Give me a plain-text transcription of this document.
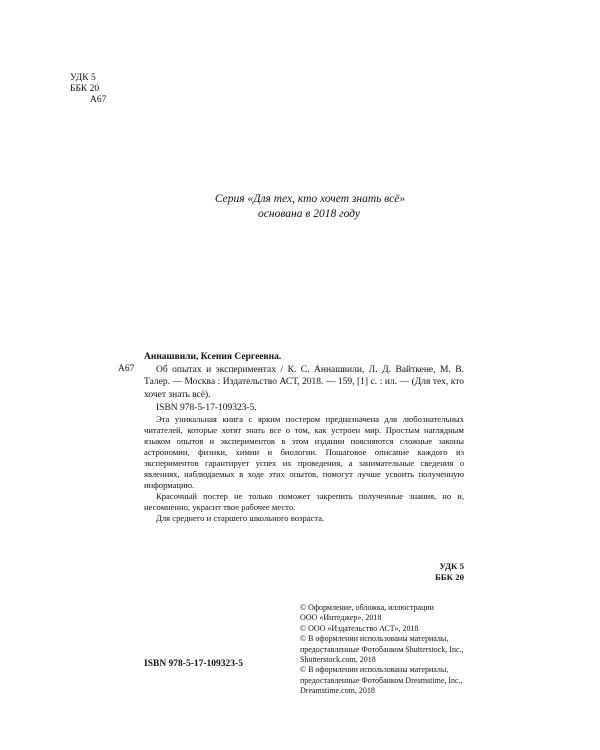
УДК 5
ББК 20
А67
Серия «Для тех, кто хочет знать всё»
основана в 2018 году
А67
Аннашвили, Ксения Сергеевна.
Об опытах и экспериментах / К. С. Аннашвили, Л. Д. Вайткене, М. В. Талер. — Москва : Издательство АСТ, 2018. — 159, [1] с. : ил. — (Для тех, кто хочет знать всё).
ISBN 978-5-17-109323-5.

Эта уникальная книга с ярким постером предназначена для любознательных читателей, которые хотят знать все о том, как устроен мир. Простым наглядным языком опытов и экспериментов в этом издании поясняются сложные законы астрономии, физики, химии и биологии. Пошаговое описание каждого из экспериментов гарантирует успех их проведения, а занимательные сведения о явлениях, наблюдаемых в ходе этих опытов, помогут лучше усвоить полученную информацию.

Красочный постер не только поможет закрепить полученные знания, но и, несомненно, украсит твое рабочее место.

Для среднего и старшего школьного возраста.

УДК 5
ББК 20
© Оформление, обложка, иллюстрации
ООО «Интеджер», 2018
© ООО «Издательство АСТ», 2018
© В оформлении использованы материалы,
предоставленные Фотобанком Shutterstock, Inc.,
Shutterstock.com, 2018
© В оформлении использованы материалы,
предоставленные Фотобанком Dreamstime, Inc.,
Dreamstime.com, 2018
ISBN 978-5-17-109323-5
